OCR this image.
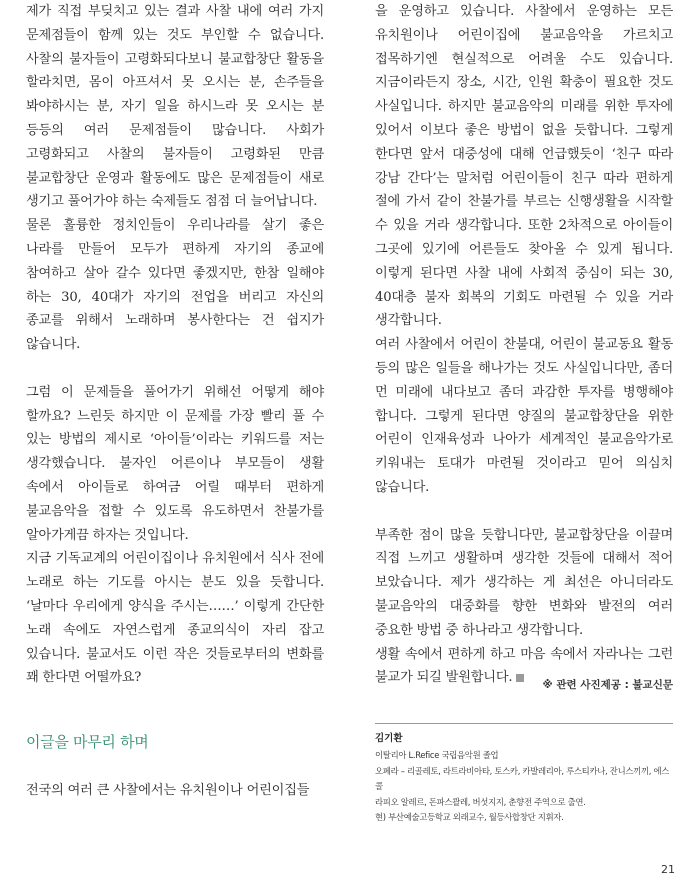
제가 직접 부딪치고 있는 결과 사찰 내에 여러 가지 문제점들이 함께 있는 것도 부인할 수 없습니다. 사찰의 불자들이 고령화되다보니 불교합창단 활동을 할라치면, 몸이 아프셔서 못 오시는 분, 손주들을 봐야하시는 분, 자기 일을 하시느라 못 오시는 분 등등의 여러 문제점들이 많습니다. 사회가 고령화되고 사찰의 불자들이 고령화된 만큼 불교합창단 운영과 활동에도 많은 문제점들이 새로 생기고 풀어가야 하는 숙제들도 점점 더 늘어납니다.

물론 훌륭한 정치인들이 우리나라를 살기 좋은 나라를 만들어 모두가 편하게 자기의 종교에 참여하고 살아 갈수 있다면 좋겠지만, 한참 일해야 하는 30, 40대가 자기의 전업을 버리고 자신의 종교를 위해서 노래하며 봉사한다는 건 쉽지가 않습니다.

그럼 이 문제들을 풀어가기 위해선 어떻게 해야 할까요? 느린듯 하지만 이 문제를 가장 빨리 풀 수 있는 방법의 제시로 ‘아이들’이라는 키워드를 저는 생각했습니다. 불자인 어른이나 부모들이 생활 속에서 아이들로 하여금 어릴 때부터 편하게 불교음악을 접할 수 있도록 유도하면서 찬불가를 알아가게끔 하자는 것입니다.

지금 기독교계의 어린이집이나 유치원에서 식사 전에 노래로 하는 기도를 아시는 분도 있을 듯합니다. ‘날마다 우리에게 양식을 주시는……’ 이렇게 간단한 노래 속에도 자연스럽게 종교의식이 자리 잡고 있습니다. 불교서도 이런 작은 것들로부터의 변화를 꽤 한다면 어떨까요?

을 운영하고 있습니다. 사찰에서 운영하는 모든 유치원이나 어린이집에 불교음악을 가르치고 접목하기엔 현실적으로 어려울 수도 있습니다. 지금이라든지 장소, 시간, 인원 확충이 필요한 것도 사실입니다. 하지만 불교음악의 미래를 위한 투자에 있어서 이보다 좋은 방법이 없을 듯합니다. 그렇게 한다면 앞서 대중성에 대해 언급했듯이 ‘친구 따라 강남 간다’는 말처럼 어린이들이 친구 따라 편하게 절에 가서 같이 찬불가를 부르는 신행생활을 시작할 수 있을 거라 생각합니다. 또한 2차적으로 아이들이 그곳에 있기에 어른들도 찾아올 수 있게 됩니다. 이렇게 된다면 사찰 내에 사회적 중심이 되는 30, 40대층 불자 회복의 기회도 마련될 수 있을 거라 생각합니다.

여러 사찰에서 어린이 찬불대, 어린이 불교동요 활동 등의 많은 일들을 해나가는 것도 사실입니다만, 좀더 먼 미래에 내다보고 좀더 과감한 투자를 병행해야 합니다. 그렇게 된다면 양질의 불교합창단을 위한 어린이 인재육성과 나아가 세계적인 불교음악가로 키워내는 토대가 마련될 것이라고 믿어 의심치 않습니다.

부족한 점이 많을 듯합니다만, 불교합창단을 이끌며 직접 느끼고 생활하며 생각한 것들에 대해서 적어 보았습니다. 제가 생각하는 게 최선은 아니더라도 불교음악의 대중화를 향한 변화와 발전의 여러 중요한 방법 중 하나라고 생각합니다.

생활 속에서 편하게 하고 마음 속에서 자라나는 그런 불교가 되길 발원합니다.	※ 관련 사진제공 : 불교신문
이글을 마무리 하며

전국의 여러 큰 사찰에서는 유치원이나 어린이집들

김기환

이탈리아 L.Refice 국립음악원 졸업

오페라 – 리골레토, 라트라비아타, 토스카, 카발레리아, 루스티카나, 잔니스끼끼, 에스콜

라피오 알레르, 돈파스콸레, 버섯지지, 춘향전 주역으로 출연.

현) 부산예술고등학교 외래교수, 월등사합창단 지휘자.

21
